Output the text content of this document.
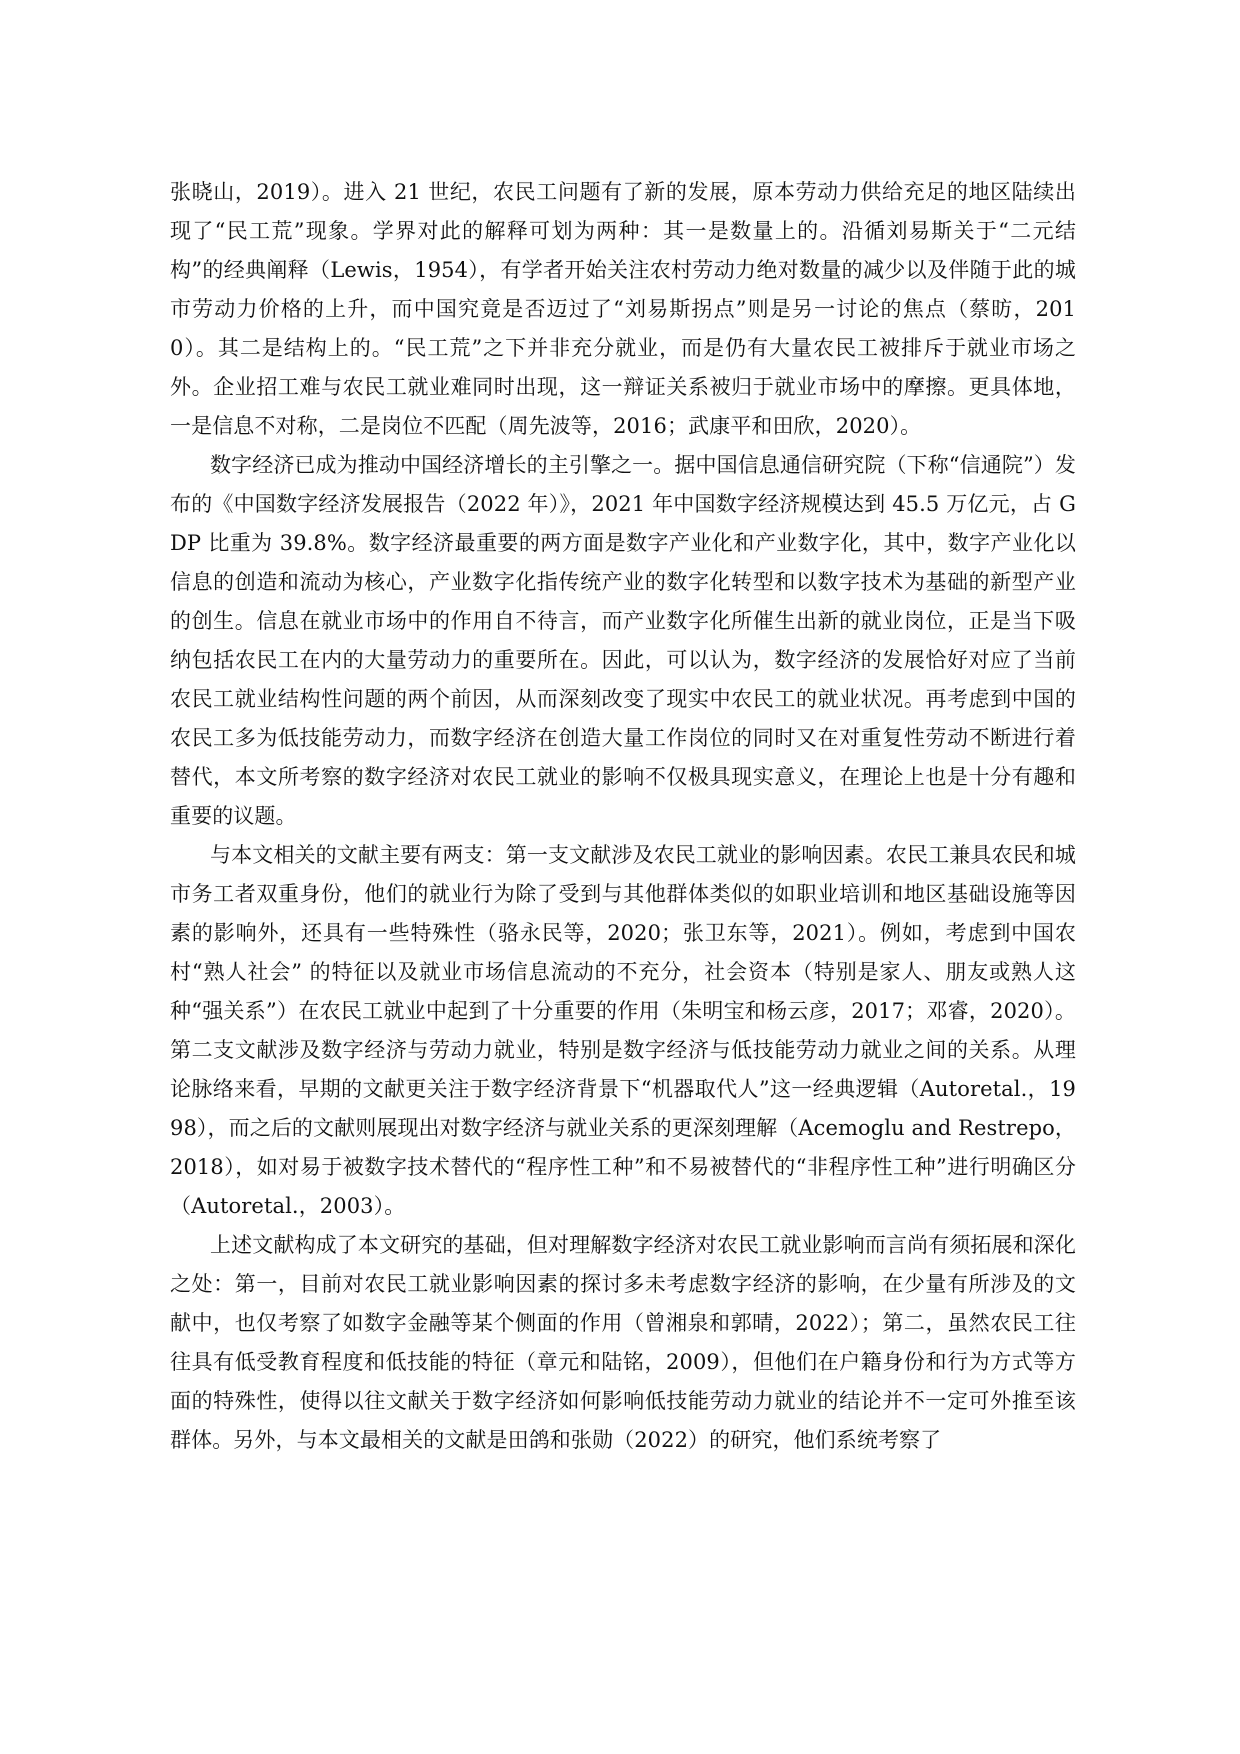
张晓山，2019）。进入 21 世纪，农民工问题有了新的发展，原本劳动力供给充足的地区陆续出现了“民工荒”现象。学界对此的解释可划为两种：其一是数量上的。沿循刘易斯关于“二元结构”的经典阐释（Lewis，1954），有学者开始关注农村劳动力绝对数量的减少以及伴随于此的城市劳动力价格的上升，而中国究竟是否迈过了“刘易斯拐点”则是另一讨论的焦点（蔡昉，2010）。其二是结构上的。“民工荒”之下并非充分就业，而是仍有大量农民工被排斥于就业市场之外。企业招工难与农民工就业难同时出现，这一辩证关系被归于就业市场中的摩擦。更具体地，一是信息不对称，二是岗位不匹配（周先波等，2016；武康平和田欣，2020）。

数字经济已成为推动中国经济增长的主引擎之一。据中国信息通信研究院（下称“信通院”）发布的《中国数字经济发展报告（2022 年）》，2021 年中国数字经济规模达到 45.5 万亿元，占 GDP 比重为 39.8%。数字经济最重要的两方面是数字产业化和产业数字化，其中，数字产业化以信息的创造和流动为核心，产业数字化指传统产业的数字化转型和以数字技术为基础的新型产业的创生。信息在就业市场中的作用自不待言，而产业数字化所催生出新的就业岗位，正是当下吸纳包括农民工在内的大量劳动力的重要所在。因此，可以认为，数字经济的发展恰好对应了当前农民工就业结构性问题的两个前因，从而深刻改变了现实中农民工的就业状况。再考虑到中国的农民工多为低技能劳动力，而数字经济在创造大量工作岗位的同时又在对重复性劳动不断进行着替代，本文所考察的数字经济对农民工就业的影响不仅极具现实意义，在理论上也是十分有趣和重要的议题。

与本文相关的文献主要有两支：第一支文献涉及农民工就业的影响因素。农民工兼具农民和城市务工者双重身份，他们的就业行为除了受到与其他群体类似的如职业培训和地区基础设施等因素的影响外，还具有一些特殊性（骆永民等，2020；张卫东等，2021）。例如，考虑到中国农村“熟人社会” 的特征以及就业市场信息流动的不充分，社会资本（特别是家人、朋友或熟人这种“强关系”）在农民工就业中起到了十分重要的作用（朱明宝和杨云彦，2017；邓睿，2020）。第二支文献涉及数字经济与劳动力就业，特别是数字经济与低技能劳动力就业之间的关系。从理论脉络来看，早期的文献更关注于数字经济背景下“机器取代人”这一经典逻辑（Autoretal.，1998），而之后的文献则展现出对数字经济与就业关系的更深刻理解（Acemoglu and Restrepo，2018），如对易于被数字技术替代的“程序性工种”和不易被替代的“非程序性工种”进行明确区分（Autoretal.，2003）。

上述文献构成了本文研究的基础，但对理解数字经济对农民工就业影响而言尚有须拓展和深化之处：第一，目前对农民工就业影响因素的探讨多未考虑数字经济的影响，在少量有所涉及的文献中，也仅考察了如数字金融等某个侧面的作用（曾湘泉和郭晴，2022）；第二，虽然农民工往往具有低受教育程度和低技能的特征（章元和陆铭，2009），但他们在户籍身份和行为方式等方面的特殊性，使得以往文献关于数字经济如何影响低技能劳动力就业的结论并不一定可外推至该群体。另外，与本文最相关的文献是田鸽和张勋（2022）的研究，他们系统考察了
